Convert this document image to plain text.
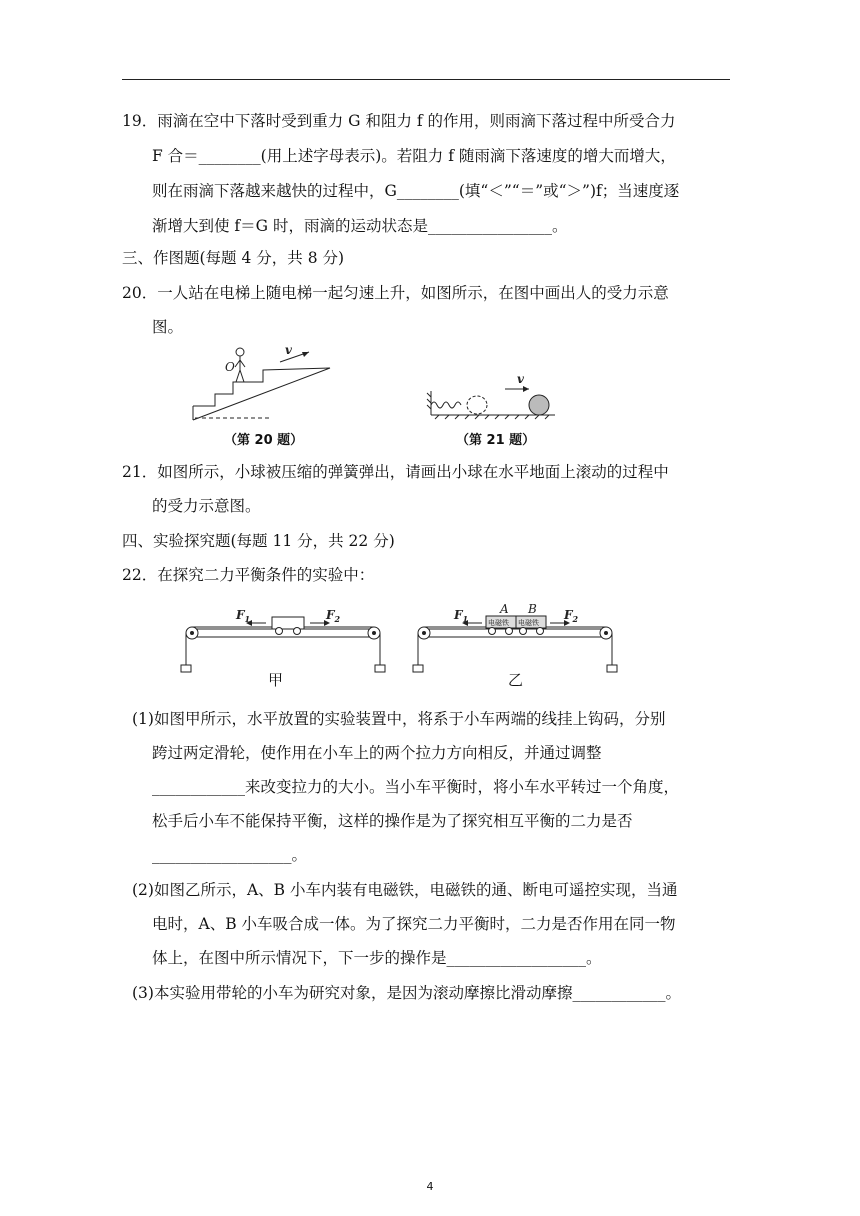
19．雨滴在空中下落时受到重力 G 和阻力 f 的作用，则雨滴下落过程中所受合力
F 合＝________(用上述字母表示)。若阻力 f 随雨滴下落速度的增大而增大，
则在雨滴下落越来越快的过程中，G________(填“＜”“＝”或“＞”)f；当速度逐
渐增大到使 f＝G 时，雨滴的运动状态是________________。
三、作图题(每题 4 分，共 8 分)
20．一人站在电梯上随电梯一起匀速上升，如图所示，在图中画出人的受力示意
图。
21．如图所示，小球被压缩的弹簧弹出，请画出小球在水平地面上滚动的过程中
的受力示意图。
四、实验探究题(每题 11 分，共 22 分)
22．在探究二力平衡条件的实验中：
(1)如图甲所示，水平放置的实验装置中，将系于小车两端的线挂上钩码，分别
跨过两定滑轮，使作用在小车上的两个拉力方向相反，并通过调整
____________来改变拉力的大小。当小车平衡时，将小车水平转过一个角度，
松手后小车不能保持平衡，这样的操作是为了探究相互平衡的二力是否
__________________。
(2)如图乙所示，A、B 小车内装有电磁铁，电磁铁的通、断电可遥控实现，当通
电时，A、B 小车吸合成一体。为了探究二力平衡时，二力是否作用在同一物
体上，在图中所示情况下，下一步的操作是__________________。
(3)本实验用带轮的小车为研究对象，是因为滚动摩擦比滑动摩擦____________。
O
v
（第 20 题）
v
（第 21 题）
$F_1$	$F_2$
甲
电磁铁 电磁铁
A B
$F_1$	$F_2$
乙
4
